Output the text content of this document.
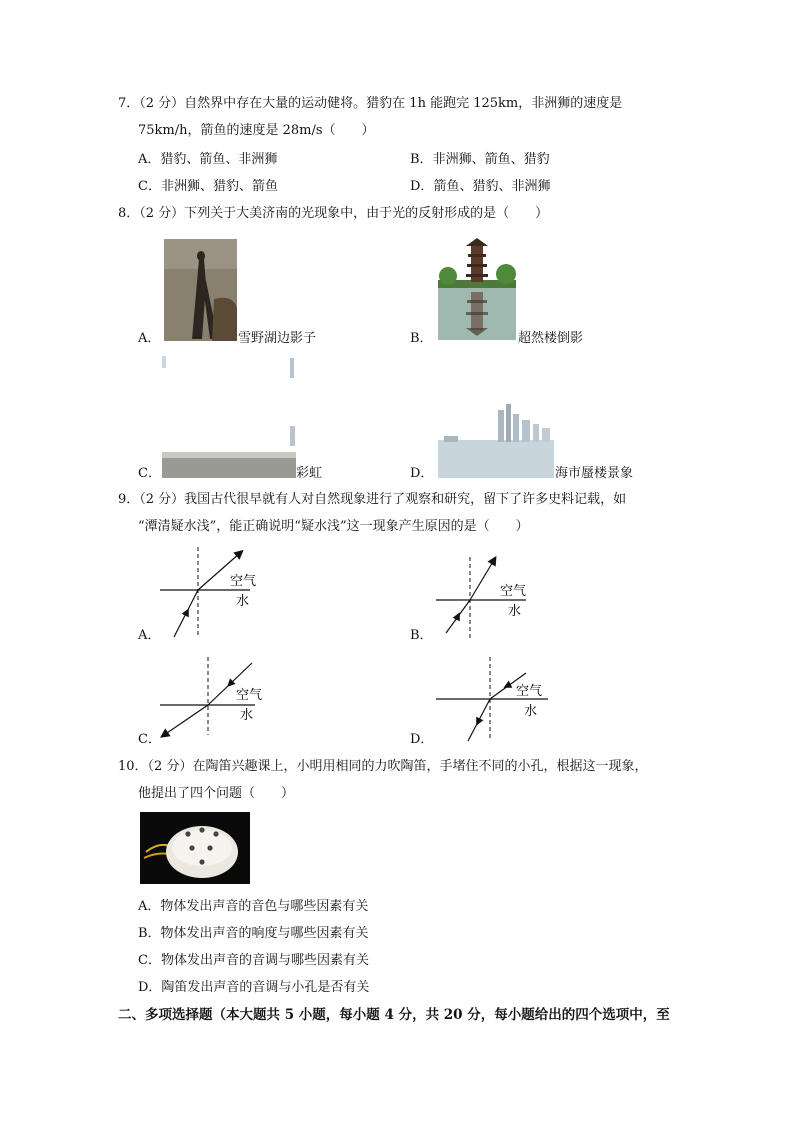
7．（2 分）自然界中存在大量的运动健将。猎豹在 1h 能跑完 125km，非洲狮的速度是
75km/h，箭鱼的速度是 28m/s（　　）
A．猎豹、箭鱼、非洲狮	B．非洲狮、箭鱼、猎豹
C．非洲狮、猎豹、箭鱼	D．箭鱼、猎豹、非洲狮
8．（2 分）下列关于大美济南的光现象中，由于光的反射形成的是（　　）
A．	雪野湖边影子	B．	超然楼倒影
C．	彩虹	D．	海市蜃楼景象
9．（2 分）我国古代很早就有人对自然现象进行了观察和研究，留下了许多史料记载，如
“潭清疑水浅”，能正确说明“疑水浅”这一现象产生原因的是（　　）
A．
空气
水
B．
空气
水
C．
空气
水
D．
空气
水
10．（2 分）在陶笛兴趣课上，小明用相同的力吹陶笛，手堵住不同的小孔，根据这一现象，
他提出了四个问题（　　）
A．物体发出声音的音色与哪些因素有关
B．物体发出声音的响度与哪些因素有关
C．物体发出声音的音调与哪些因素有关
D．陶笛发出声音的音调与小孔是否有关
二、多项选择题（本大题共 5 小题，每小题 4 分，共 20 分，每小题给出的四个选项中，至
